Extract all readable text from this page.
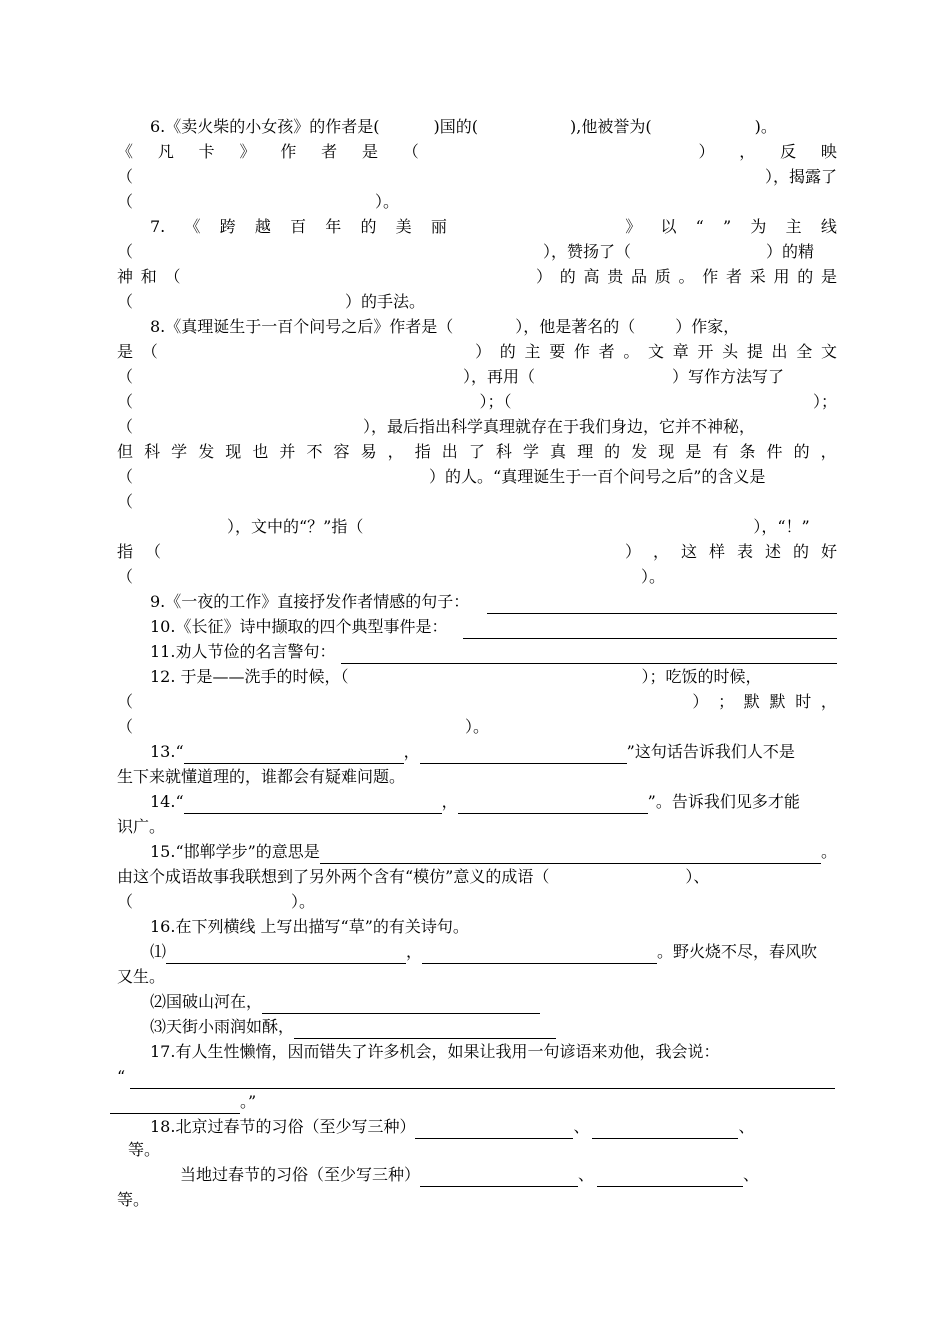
6.《卖火柴的小女孩》的作者是(	)国的(	),他被誉为(	)。
《 凡 卡 》 作 者 是 （	） ， 反 映
（	），揭露了
（	）。
7. 《 跨 越 百 年 的 美 丽	》 以 “ ” 为 主 线
（	），赞扬了（	）的精
神 和 （	） 的 高 贵 品 质 。 作 者 采 用 的 是
（	）的手法。
8.《真理诞生于一百个问号之后》作者是（	），他是著名的（	）作家，
是 （	） 的 主 要 作 者 。 文 章 开 头 提 出 全 文
（	），再用（	）写作方法写了
（	）；（	）；
（	），最后指出科学真理就存在于我们身边，它并不神秘，
但 科 学 发 现 也 并 不 容 易 ， 指 出 了 科 学 真 理 的 发 现 是 有 条 件 的 ，
（	）的人。“真理诞生于一百个问号之后”的含义是
（
），文中的“？”指（	），“！”
指 （	） ， 这 样 表 述 的 好
（	）。
9.《一夜的工作》直接抒发作者情感的句子：
10.《长征》诗中撷取的四个典型事件是：
11.劝人节俭的名言警句：
12. 于是——洗手的时候，（	）；吃饭的时候，
（	） ； 默 默 时 ，
（	）。
13.“	，	”这句话告诉我们人不是
生下来就懂道理的，谁都会有疑难问题。
14.“	，	”。告诉我们见多才能
识广。
15.“邯郸学步”的意思是	。
由这个成语故事我联想到了另外两个含有“模仿”意义的成语（	）、
（	）。
16.在下列横线 上写出描写“草”的有关诗句。
⑴	，	。野火烧不尽，春风吹
又生。
⑵国破山河在，
⑶天街小雨润如酥，
17.有人生性懒惰，因而错失了许多机会，如果让我用一句谚语来劝他，我会说：
“
。”
18.北京过春节的习俗（至少写三种）	、	、
等。
当地过春节的习俗（至少写三种）	、	、
等。
